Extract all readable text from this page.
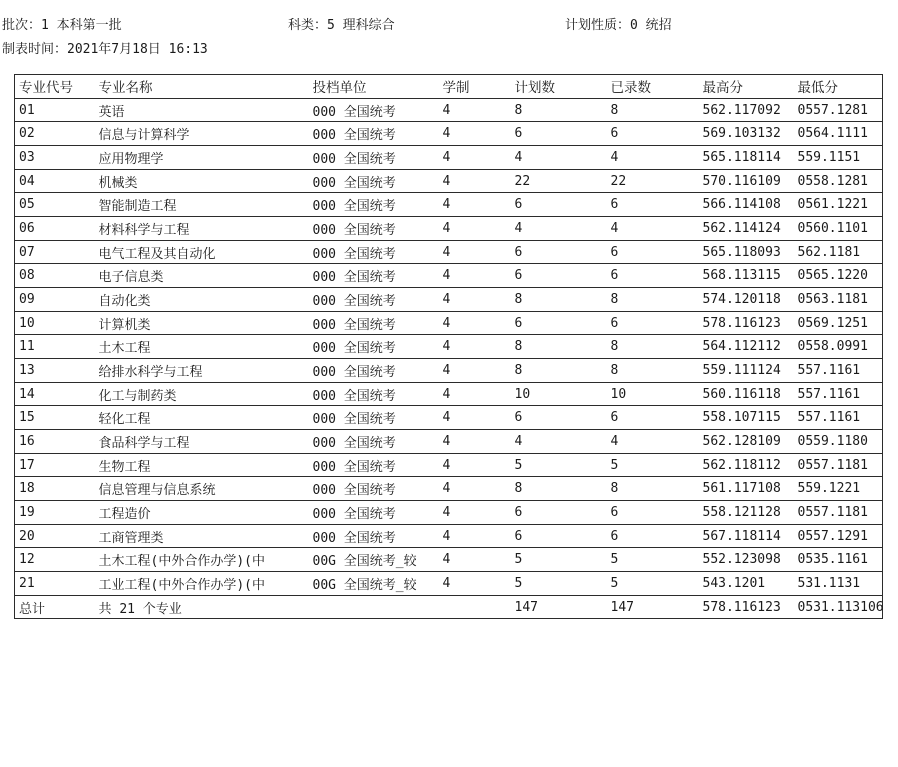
批次：1 本科第一批	科类：5 理科综合	计划性质：0 统招
制表时间：2021年7月18日 16:13
专业代号	专业名称	投档单位	学制	计划数	已录数	最高分	最低分
01	英语	000 全国统考	4	8	8	562.117092	0557.1281
02	信息与计算科学	000 全国统考	4	6	6	569.103132	0564.1111
03	应用物理学	000 全国统考	4	4	4	565.118114	559.1151
04	机械类	000 全国统考	4	22	22	570.116109	0558.1281
05	智能制造工程	000 全国统考	4	6	6	566.114108	0561.1221
06	材料科学与工程	000 全国统考	4	4	4	562.114124	0560.1101
07	电气工程及其自动化	000 全国统考	4	6	6	565.118093	562.1181
08	电子信息类	000 全国统考	4	6	6	568.113115	0565.1220
09	自动化类	000 全国统考	4	8	8	574.120118	0563.1181
10	计算机类	000 全国统考	4	6	6	578.116123	0569.1251
11	土木工程	000 全国统考	4	8	8	564.112112	0558.0991
13	给排水科学与工程	000 全国统考	4	8	8	559.111124	557.1161
14	化工与制药类	000 全国统考	4	10	10	560.116118	557.1161
15	轻化工程	000 全国统考	4	6	6	558.107115	557.1161
16	食品科学与工程	000 全国统考	4	4	4	562.128109	0559.1180
17	生物工程	000 全国统考	4	5	5	562.118112	0557.1181
18	信息管理与信息系统	000 全国统考	4	8	8	561.117108	559.1221
19	工程造价	000 全国统考	4	6	6	558.121128	0557.1181
20	工商管理类	000 全国统考	4	6	6	567.118114	0557.1291
12	土木工程(中外合作办学)(中	00G 全国统考_较	4	5	5	552.123098	0535.1161
21	工业工程(中外合作办学)(中	00G 全国统考_较	4	5	5	543.1201	531.1131
总计	共 21 个专业			147	147	578.116123	0531.113106
